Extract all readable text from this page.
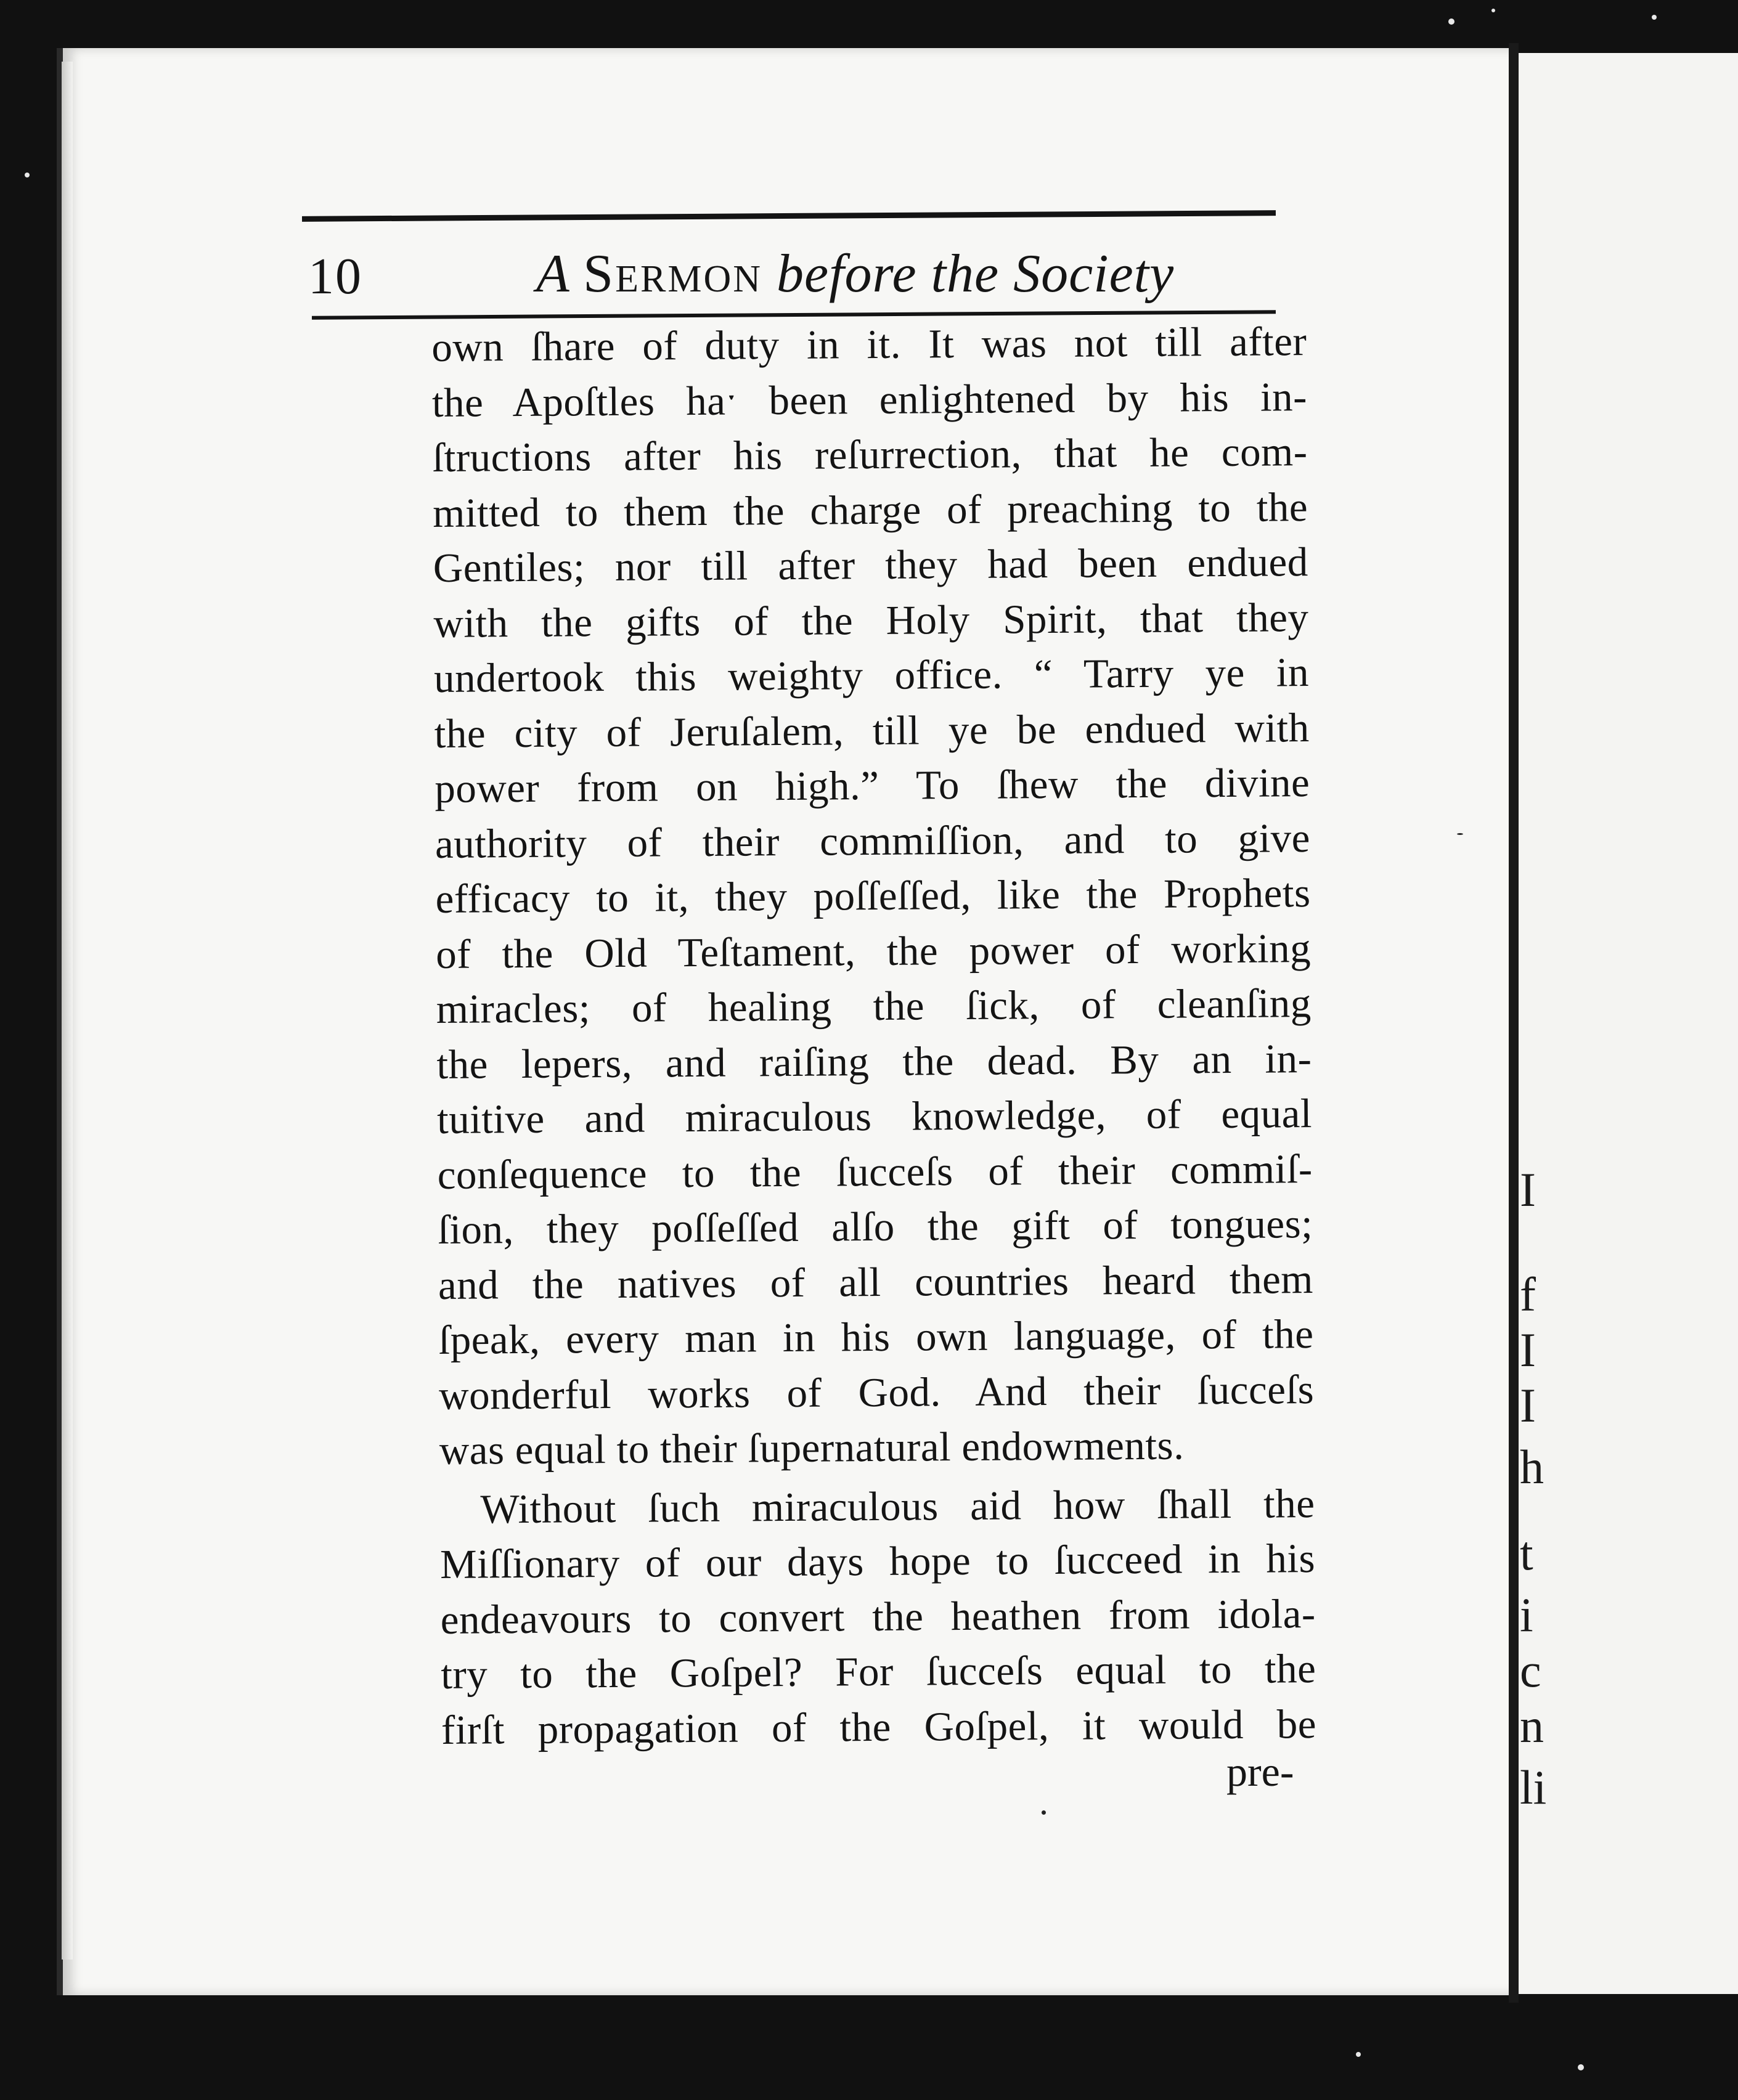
I
f
I
I
h
t
i
c
n
li
10	A Sermon before the Society
own ſhare of duty in it. It was not till after
the Apoſtles haˑ been enlightened by his in-
ſtructions after his reſurrection, that he com-
mitted to them the charge of preaching to the
Gentiles; nor till after they had been endued
with the gifts of the Holy Spirit, that they
undertook this weighty office. “ Tarry ye in
the city of Jeruſalem, till ye be endued with
power from on high.” To ſhew the divine
authority of their commiſſion, and to give
efficacy to it, they poſſeſſed, like the Prophets
of the Old Teſtament, the power of working
miracles; of healing the ſick, of cleanſing
the lepers, and raiſing the dead. By an in-
tuitive and miraculous knowledge, of equal
conſequence to the ſucceſs of their commiſ-
ſion, they poſſeſſed alſo the gift of tongues;
and the natives of all countries heard them
ſpeak, every man in his own language, of the
wonderful works of God. And their ſucceſs
was equal to their ſupernatural endowments.
Without ſuch miraculous aid how ſhall the
Miſſionary of our days hope to ſucceed in his
endeavours to convert the heathen from idola-
try to the Goſpel? For ſucceſs equal to the
firſt propagation of the Goſpel, it would be
pre-
